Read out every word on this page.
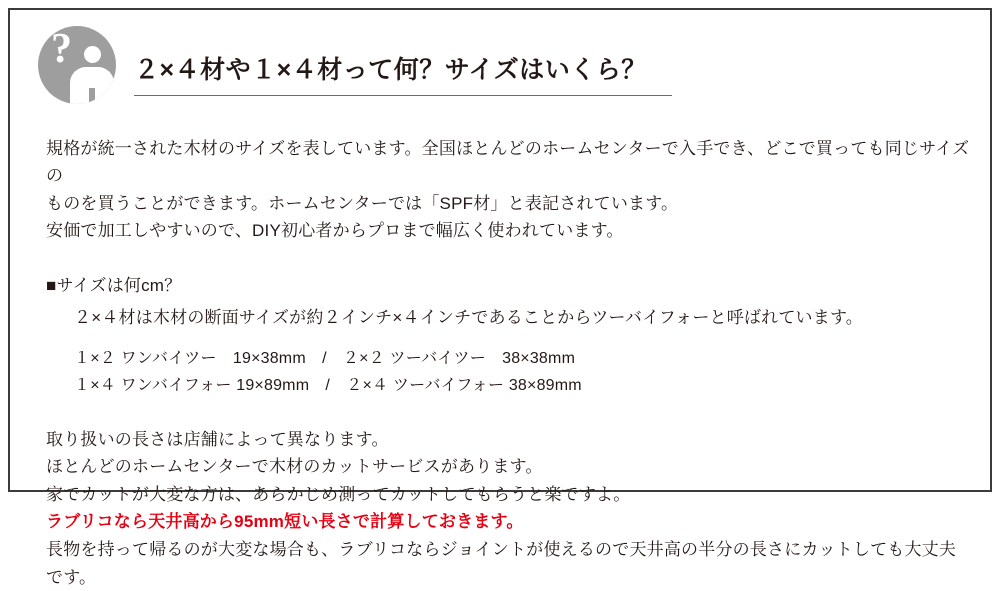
? ２×４材や１×４材って何？サイズはいくら？
規格が統一された木材のサイズを表しています。全国ほとんどのホームセンターで入手でき、どこで買っても同じサイズの
ものを買うことができます。ホームセンターでは「SPF材」と表記されています。
安価で加工しやすいので、DIY初心者からプロまで幅広く使われています。
■サイズは何cm？
２×４材は木材の断面サイズが約２インチ×４インチであることからツーバイフォーと呼ばれています。
１×２ ワンバイツー　19×38mm　/　２×２ ツーバイツー　38×38mm
１×４ ワンバイフォー 19×89mm　/　２×４ ツーバイフォー 38×89mm
取り扱いの長さは店舗によって異なります。
ほとんどのホームセンターで木材のカットサービスがあります。
家でカットが大変な方は、あらかじめ測ってカットしてもらうと楽ですよ。
ラブリコなら天井高から95mm短い長さで計算しておきます。
長物を持って帰るのが大変な場合も、ラブリコならジョイントが使えるので天井高の半分の長さにカットしても大丈夫です。
